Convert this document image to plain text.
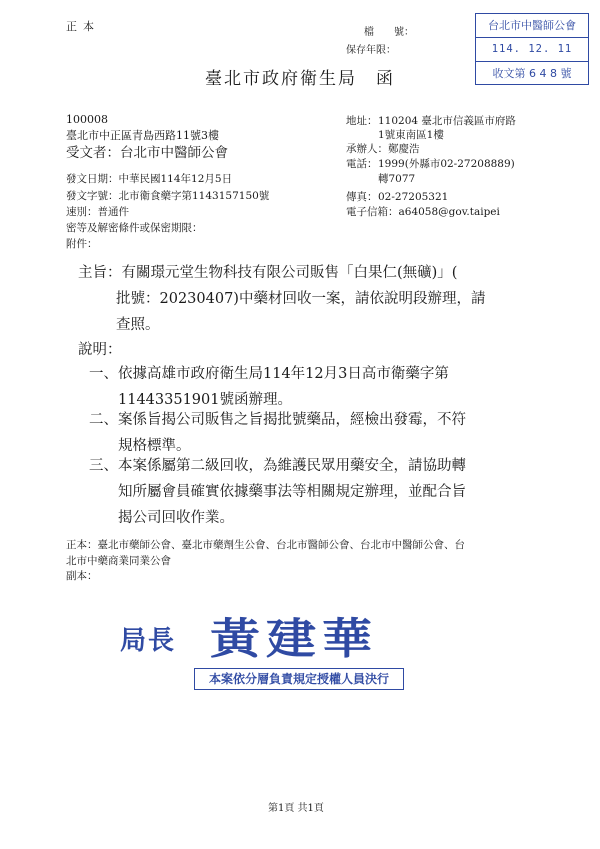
正本	檔　　號：
保存年限：
台北市中醫師公會
114. 12. 11
收文第 6 4 8 號
臺北市政府衛生局　函
100008
臺北市中正區青島西路11號3樓
受文者：台北市中醫師公會
地址：110204 臺北市信義區市府路
1號東南區1樓
承辦人：鄭慶浩
電話：1999(外縣市02-27208889)
轉7077
傳真：02-27205321
電子信箱：a64058@gov.taipei
發文日期：中華民國114年12月5日
發文字號：北市衛食藥字第1143157150號
速別：普通件
密等及解密條件或保密期限：
附件：
主旨：有關璟元堂生物科技有限公司販售「白果仁(無礦)」(
批號：20230407)中藥材回收一案，請依說明段辦理，請
查照。
說明：
一、依據高雄市政府衛生局114年12月3日高市衛藥字第
11443351901號函辦理。
二、案係旨揭公司販售之旨揭批號藥品，經檢出發霉，不符
規格標準。
三、本案係屬第二級回收，為維護民眾用藥安全，請協助轉
知所屬會員確實依據藥事法等相關規定辦理，並配合旨
揭公司回收作業。
正本：臺北市藥師公會、臺北市藥劑生公會、台北市醫師公會、台北市中醫師公會、台
北市中藥商業同業公會
副本：
局長 黃建華
本案依分層負責規定授權人員決行
第1頁 共1頁
